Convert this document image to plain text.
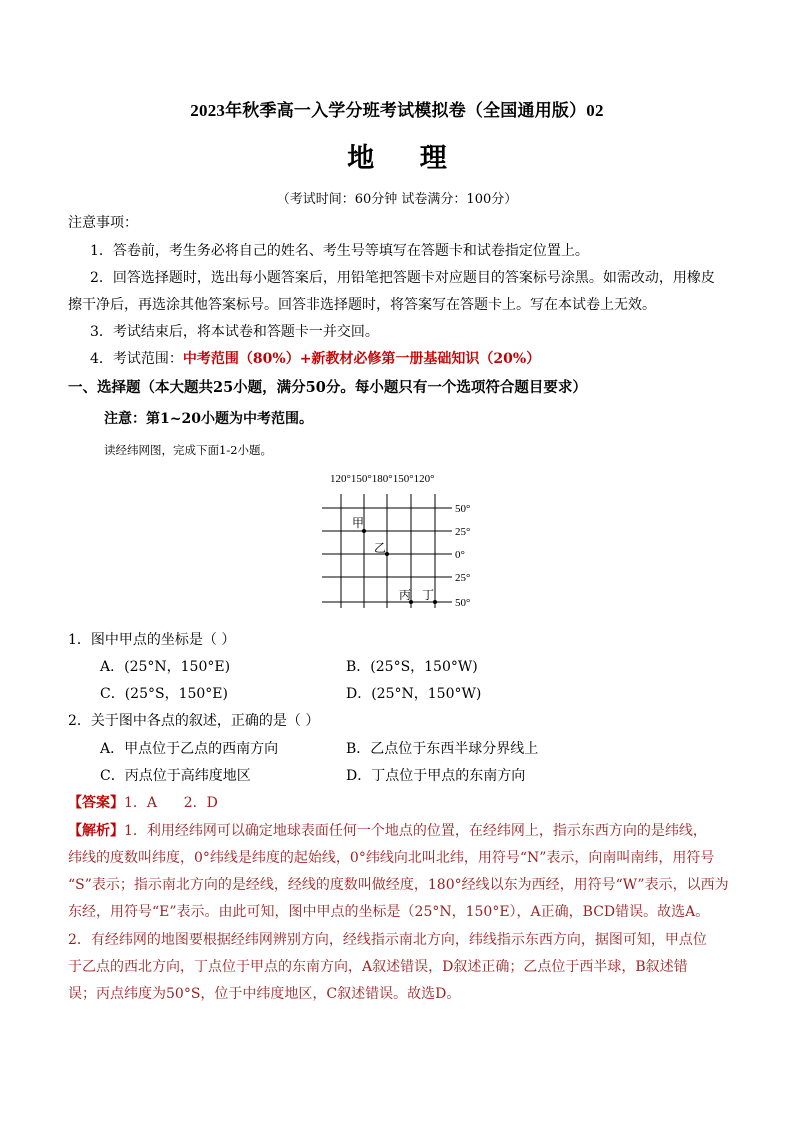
2023年秋季高一入学分班考试模拟卷（全国通用版）02
地 理
（考试时间：60分钟 试卷满分：100分）
注意事项：
1．答卷前，考生务必将自己的姓名、考生号等填写在答题卡和试卷指定位置上。
2．回答选择题时，选出每小题答案后，用铅笔把答题卡对应题目的答案标号涂黑。如需改动，用橡皮
擦干净后，再选涂其他答案标号。回答非选择题时，将答案写在答题卡上。写在本试卷上无效。
3．考试结束后，将本试卷和答题卡一并交回。
4．考试范围：中考范围（80%）+新教材必修第一册基础知识（20%）
一、选择题（本大题共25小题，满分50分。每小题只有一个选项符合题目要求）
注意：第1~20小题为中考范围。
读经纬网图，完成下面1-2小题。
120°150°180°150°120°
50°
25°
0°
25°
50°
甲
乙
丙 丁
1．图中甲点的坐标是（ ）
A．(25°N，150°E)	B．(25°S，150°W)
C．(25°S，150°E)	D．(25°N，150°W)
2．关于图中各点的叙述，正确的是（ ）
A．甲点位于乙点的西南方向	B．乙点位于东西半球分界线上
C．丙点位于高纬度地区	D．丁点位于甲点的东南方向
【答案】1．A      2．D
【解析】1．利用经纬网可以确定地球表面任何一个地点的位置，在经纬网上，指示东西方向的是纬线，
纬线的度数叫纬度，0°纬线是纬度的起始线，0°纬线向北叫北纬，用符号“N”表示，向南叫南纬，用符号
“S”表示；指示南北方向的是经线，经线的度数叫做经度，180°经线以东为西经，用符号“W”表示，以西为
东经，用符号“E”表示。由此可知，图中甲点的坐标是（25°N，150°E），A正确，BCD错误。故选A。
2．有经纬网的地图要根据经纬网辨别方向，经线指示南北方向，纬线指示东西方向，据图可知，甲点位
于乙点的西北方向，丁点位于甲点的东南方向，A叙述错误，D叙述正确；乙点位于西半球，B叙述错
误；丙点纬度为50°S，位于中纬度地区，C叙述错误。故选D。
